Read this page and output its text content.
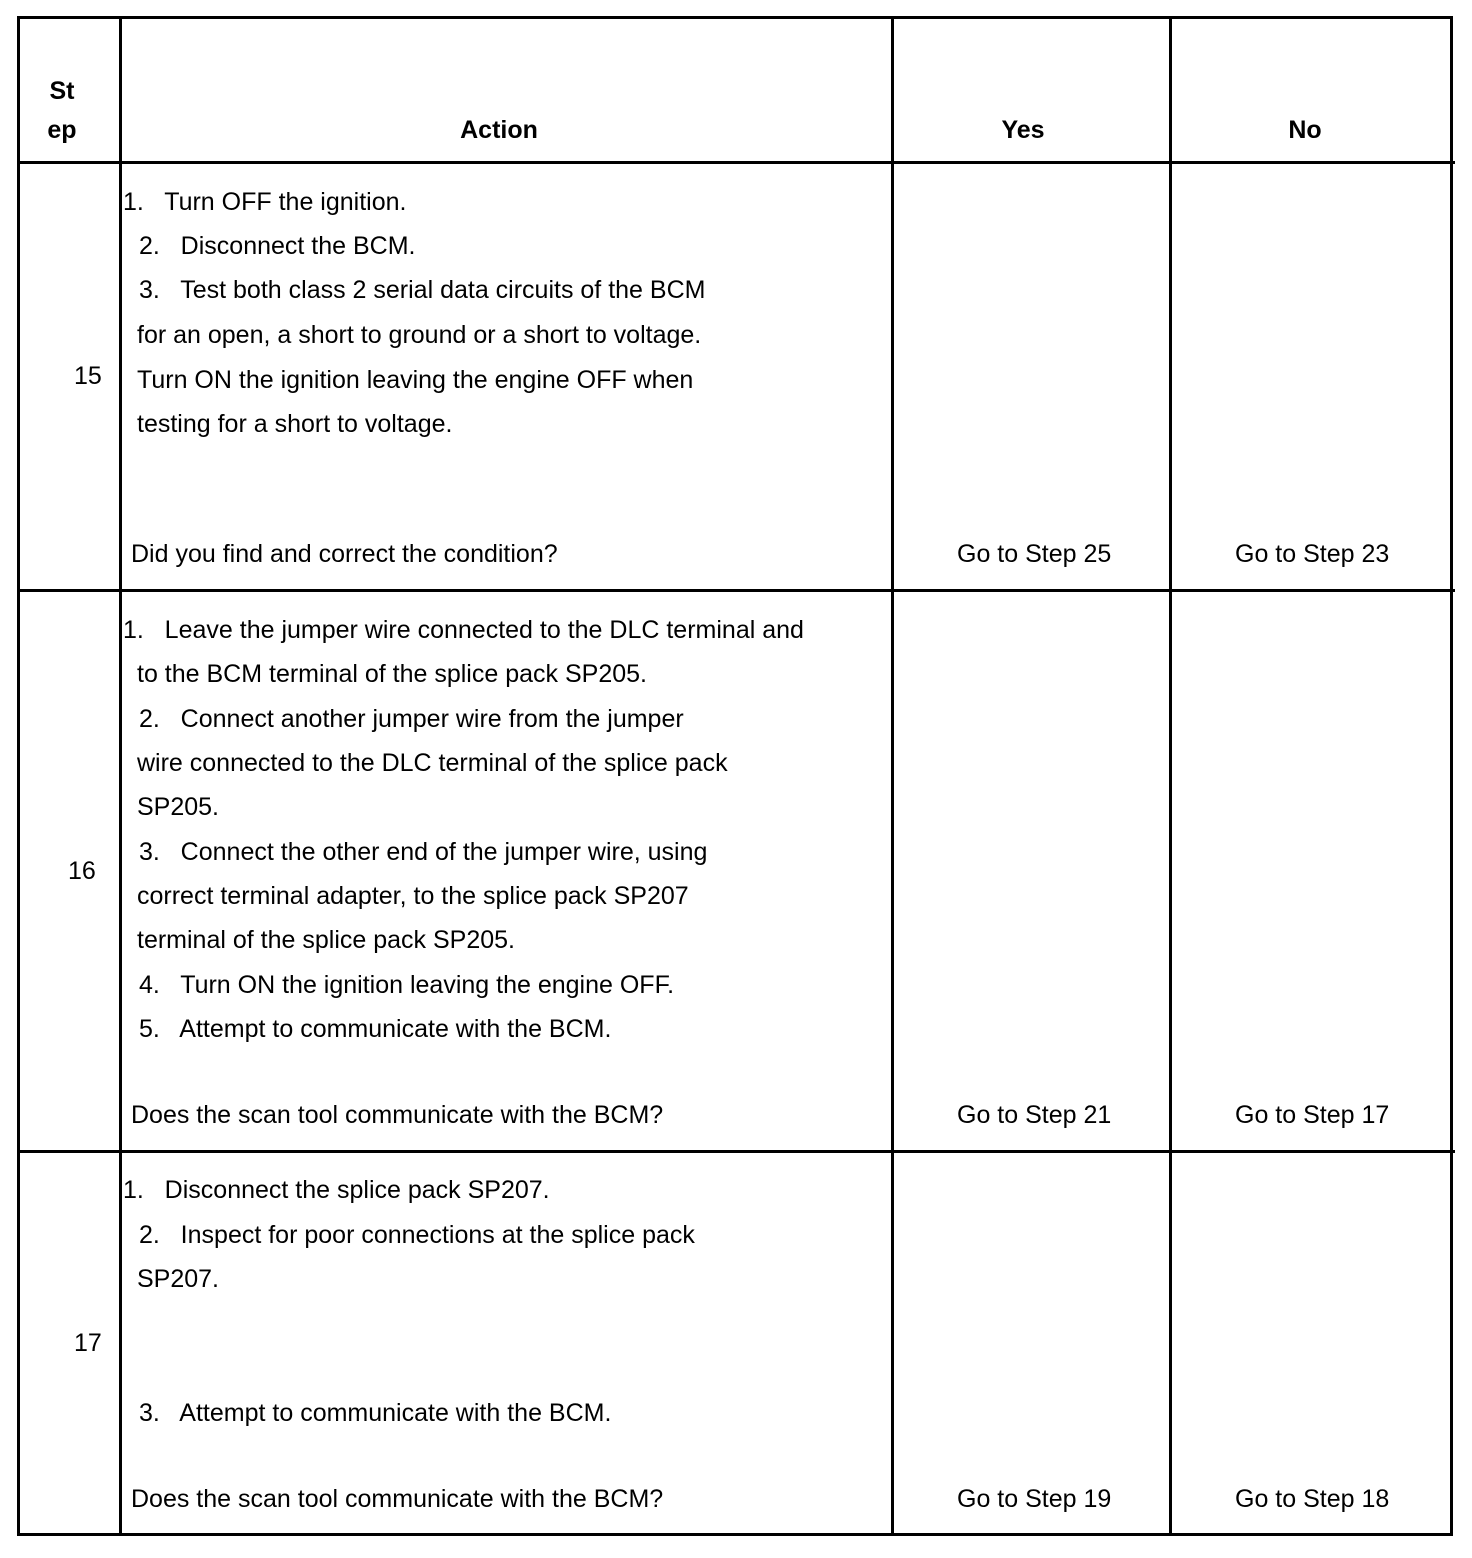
St
ep	Action	Yes	No
15
1.   Turn OFF the ignition.
2.   Disconnect the BCM.
3.   Test both class 2 serial data circuits of the BCM
for an open, a short to ground or a short to voltage.
Turn ON the ignition leaving the engine OFF when
testing for a short to voltage.
Did you find and correct the condition?	Go to Step 25	Go to Step 23
16
1.   Leave the jumper wire connected to the DLC terminal and
to the BCM terminal of the splice pack SP205.
2.   Connect another jumper wire from the jumper
wire connected to the DLC terminal of the splice pack
SP205.
3.   Connect the other end of the jumper wire, using
correct terminal adapter, to the splice pack SP207
terminal of the splice pack SP205.
4.   Turn ON the ignition leaving the engine OFF.
5.   Attempt to communicate with the BCM.
Does the scan tool communicate with the BCM?	Go to Step 21	Go to Step 17
17
1.   Disconnect the splice pack SP207.
2.   Inspect for poor connections at the splice pack
SP207.
3.   Attempt to communicate with the BCM.
Does the scan tool communicate with the BCM?	Go to Step 19	Go to Step 18
